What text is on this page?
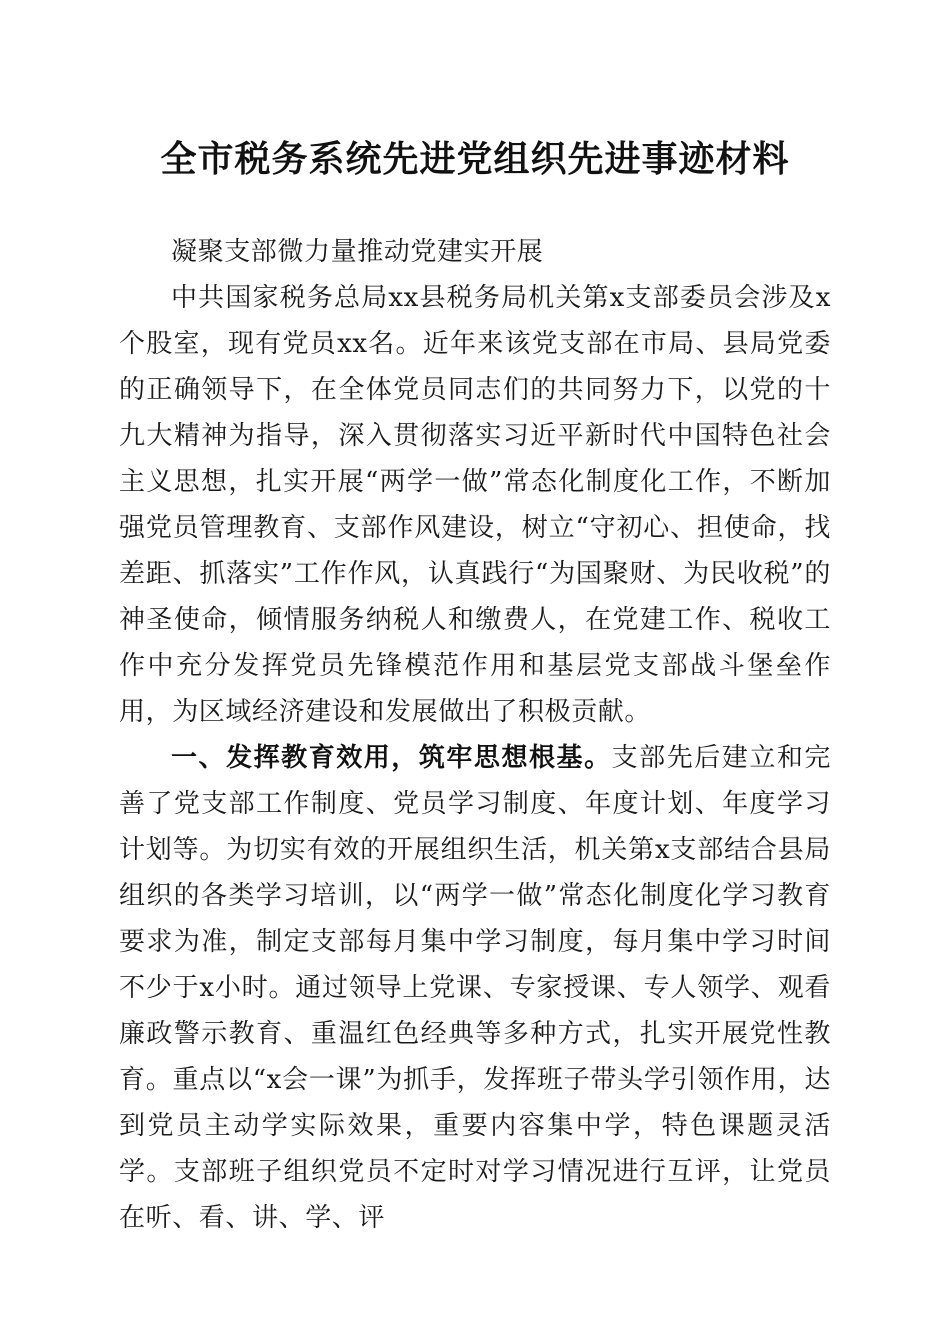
全市税务系统先进党组织先进事迹材料

凝聚支部微力量推动党建实开展

中共国家税务总局xx县税务局机关第x支部委员会涉及x个股室，现有党员xx名。近年来该党支部在市局、县局党委的正确领导下，在全体党员同志们的共同努力下，以党的十九大精神为指导，深入贯彻落实习近平新时代中国特色社会主义思想，扎实开展“两学一做”常态化制度化工作，不断加强党员管理教育、支部作风建设，树立“守初心、担使命，找差距、抓落实”工作作风，认真践行“为国聚财、为民收税”的神圣使命，倾情服务纳税人和缴费人，在党建工作、税收工作中充分发挥党员先锋模范作用和基层党支部战斗堡垒作用，为区域经济建设和发展做出了积极贡献。

一、发挥教育效用，筑牢思想根基。支部先后建立和完善了党支部工作制度、党员学习制度、年度计划、年度学习计划等。为切实有效的开展组织生活，机关第x支部结合县局组织的各类学习培训，以“两学一做”常态化制度化学习教育要求为准，制定支部每月集中学习制度，每月集中学习时间不少于x小时。通过领导上党课、专家授课、专人领学、观看廉政警示教育、重温红色经典等多种方式，扎实开展党性教育。重点以“x会一课”为抓手，发挥班子带头学引领作用，达到党员主动学实际效果，重要内容集中学，特色课题灵活学。支部班子组织党员不定时对学习情况进行互评，让党员在听、看、讲、学、评
